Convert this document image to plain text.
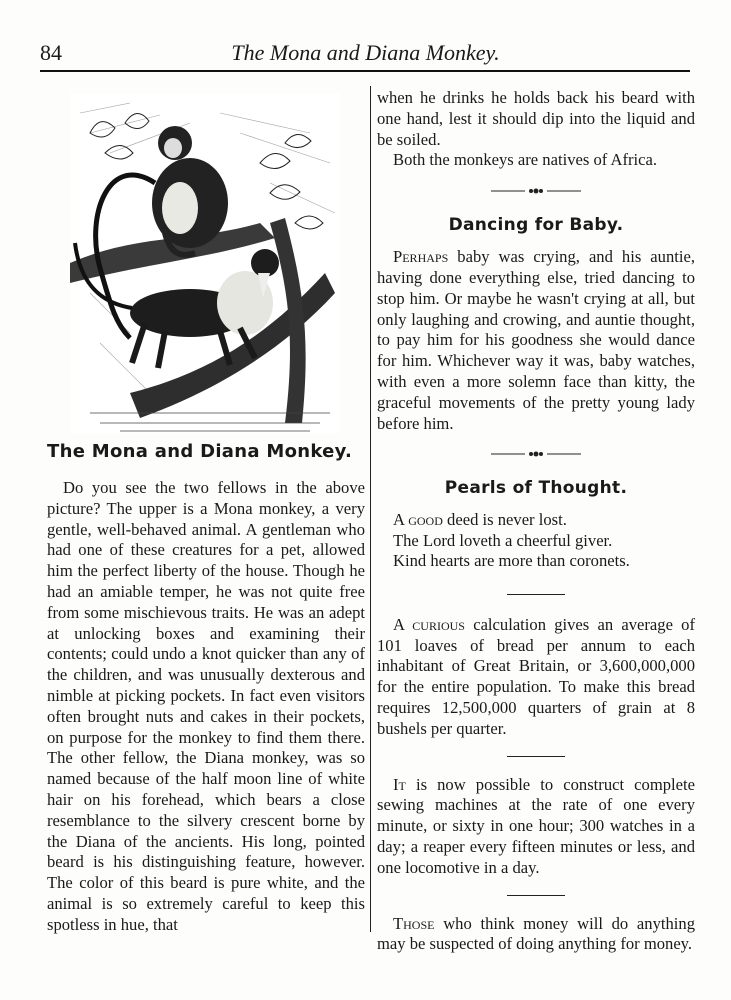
84	The Mona and Diana Monkey.
The Mona and Diana Monkey.

Do you see the two fellows in the above picture? The upper is a Mona monkey, a very gentle, well-behaved animal. A gentleman who had one of these creatures for a pet, allowed him the perfect liberty of the house. Though he had an amiable temper, he was not quite free from some mischievous traits. He was an adept at unlocking boxes and examining their contents; could undo a knot quicker than any of the children, and was unusually dexterous and nimble at picking pockets. In fact even visitors often brought nuts and cakes in their pockets, on purpose for the monkey to find them there. The other fellow, the Diana monkey, was so named because of the half moon line of white hair on his forehead, which bears a close resemblance to the silvery crescent borne by the Diana of the ancients. His long, pointed beard is his distinguishing feature, however. The color of this beard is pure white, and the animal is so extremely careful to keep this spotless in hue, that

when he drinks he holds back his beard with one hand, lest it should dip into the liquid and be soiled.

Both the monkeys are natives of Africa.

Dancing for Baby.

Perhaps baby was crying, and his auntie, having done everything else, tried dancing to stop him. Or maybe he wasn't crying at all, but only laughing and crowing, and auntie thought, to pay him for his goodness she would dance for him. Whichever way it was, baby watches, with even a more solemn face than kitty, the graceful movements of the pretty young lady before him.

Pearls of Thought.
A good deed is never lost.
The Lord loveth a cheerful giver.
Kind hearts are more than coronets.

A curious calculation gives an average of 101 loaves of bread per annum to each inhabitant of Great Britain, or 3,600,000,000 for the entire population. To make this bread requires 12,500,000 quarters of grain at 8 bushels per quarter.

It is now possible to construct complete sewing machines at the rate of one every minute, or sixty in one hour; 300 watches in a day; a reaper every fifteen minutes or less, and one locomotive in a day.

Those who think money will do anything may be suspected of doing anything for money.
